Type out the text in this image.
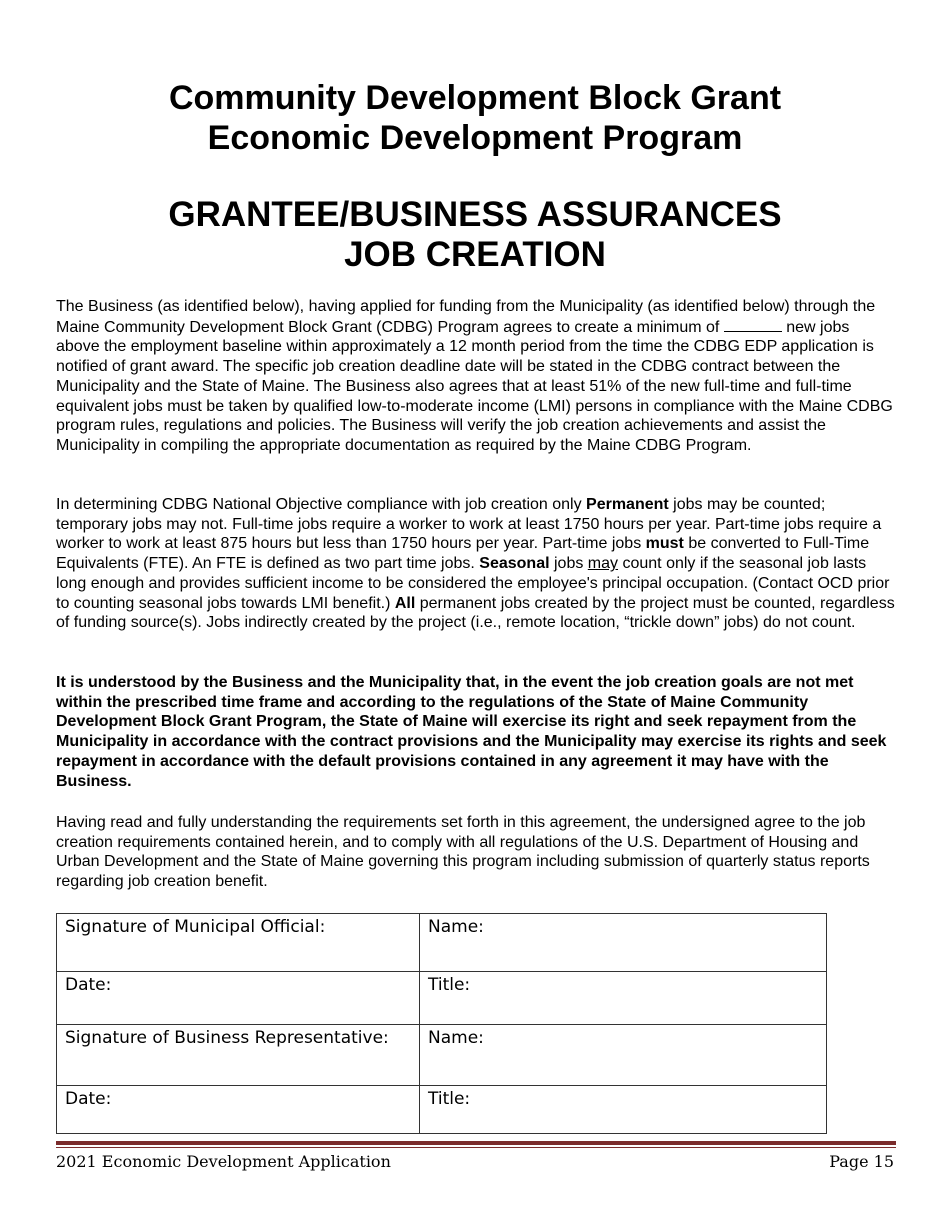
Community Development Block Grant
Economic Development Program
GRANTEE/BUSINESS ASSURANCES
JOB CREATION

The Business (as identified below), having applied for funding from the Municipality (as identified below) through the Maine Community Development Block Grant (CDBG) Program agrees to create a minimum of	new jobs above the employment baseline within approximately a 12 month period from the time the CDBG EDP application is notified of grant award. The specific job creation deadline date will be stated in the CDBG contract between the Municipality and the State of Maine. The Business also agrees that at least 51% of the new full-time and full-time equivalent jobs must be taken by qualified low-to-moderate income (LMI) persons in compliance with the Maine CDBG program rules, regulations and policies. The Business will verify the job creation achievements and assist the Municipality in compiling the appropriate documentation as required by the Maine CDBG Program.

In determining CDBG National Objective compliance with job creation only Permanent jobs may be counted; temporary jobs may not. Full-time jobs require a worker to work at least 1750 hours per year. Part-time jobs require a worker to work at least 875 hours but less than 1750 hours per year. Part-time jobs must be converted to Full-Time Equivalents (FTE). An FTE is defined as two part time jobs. Seasonal jobs may count only if the seasonal job lasts long enough and provides sufficient income to be considered the employee's principal occupation. (Contact OCD prior to counting seasonal jobs towards LMI benefit.) All permanent jobs created by the project must be counted, regardless of funding source(s). Jobs indirectly created by the project (i.e., remote location, “trickle down” jobs) do not count.

It is understood by the Business and the Municipality that, in the event the job creation goals are not met within the prescribed time frame and according to the regulations of the State of Maine Community Development Block Grant Program, the State of Maine will exercise its right and seek repayment from the Municipality in accordance with the contract provisions and the Municipality may exercise its rights and seek repayment in accordance with the default provisions contained in any agreement it may have with the Business.

Having read and fully understanding the requirements set forth in this agreement, the undersigned agree to the job creation requirements contained herein, and to comply with all regulations of the U.S. Department of Housing and Urban Development and the State of Maine governing this program including submission of quarterly status reports regarding job creation benefit.

Signature of Municipal Official:	Name:
Date:	Title:
Signature of Business Representative:	Name:
Date:	Title:
2021 Economic Development Application	Page 15
